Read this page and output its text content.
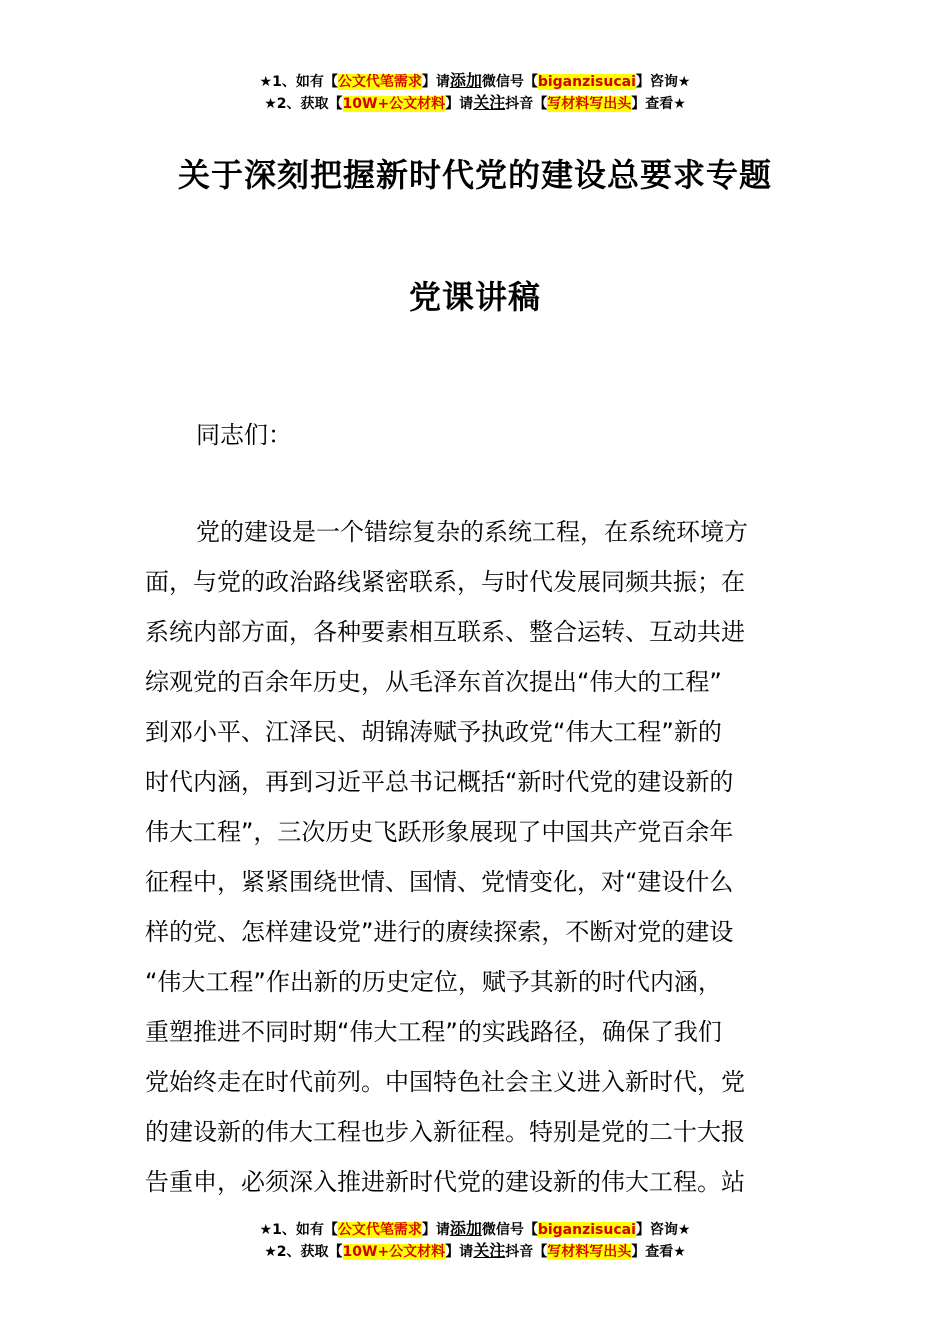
★1、如有【公文代笔需求】请添加微信号【biganzisucai】咨询★
★2、获取【10W+公文材料】请关注抖音【写材料写出头】查看★
关于深刻把握新时代党的建设总要求专题
党课讲稿
同志们：
党的建设是一个错综复杂的系统工程，在系统环境方
面，与党的政治路线紧密联系，与时代发展同频共振；在
系统内部方面，各种要素相互联系、整合运转、互动共进
综观党的百余年历史，从毛泽东首次提出“伟大的工程”
到邓小平、江泽民、胡锦涛赋予执政党“伟大工程”新的
时代内涵，再到习近平总书记概括“新时代党的建设新的
伟大工程”，三次历史飞跃形象展现了中国共产党百余年
征程中，紧紧围绕世情、国情、党情变化，对“建设什么
样的党、怎样建设党”进行的赓续探索，不断对党的建设
“伟大工程”作出新的历史定位，赋予其新的时代内涵，
重塑推进不同时期“伟大工程”的实践路径，确保了我们
党始终走在时代前列。中国特色社会主义进入新时代，党
的建设新的伟大工程也步入新征程。特别是党的二十大报
告重申，必须深入推进新时代党的建设新的伟大工程。站
★1、如有【公文代笔需求】请添加微信号【biganzisucai】咨询★
★2、获取【10W+公文材料】请关注抖音【写材料写出头】查看★
